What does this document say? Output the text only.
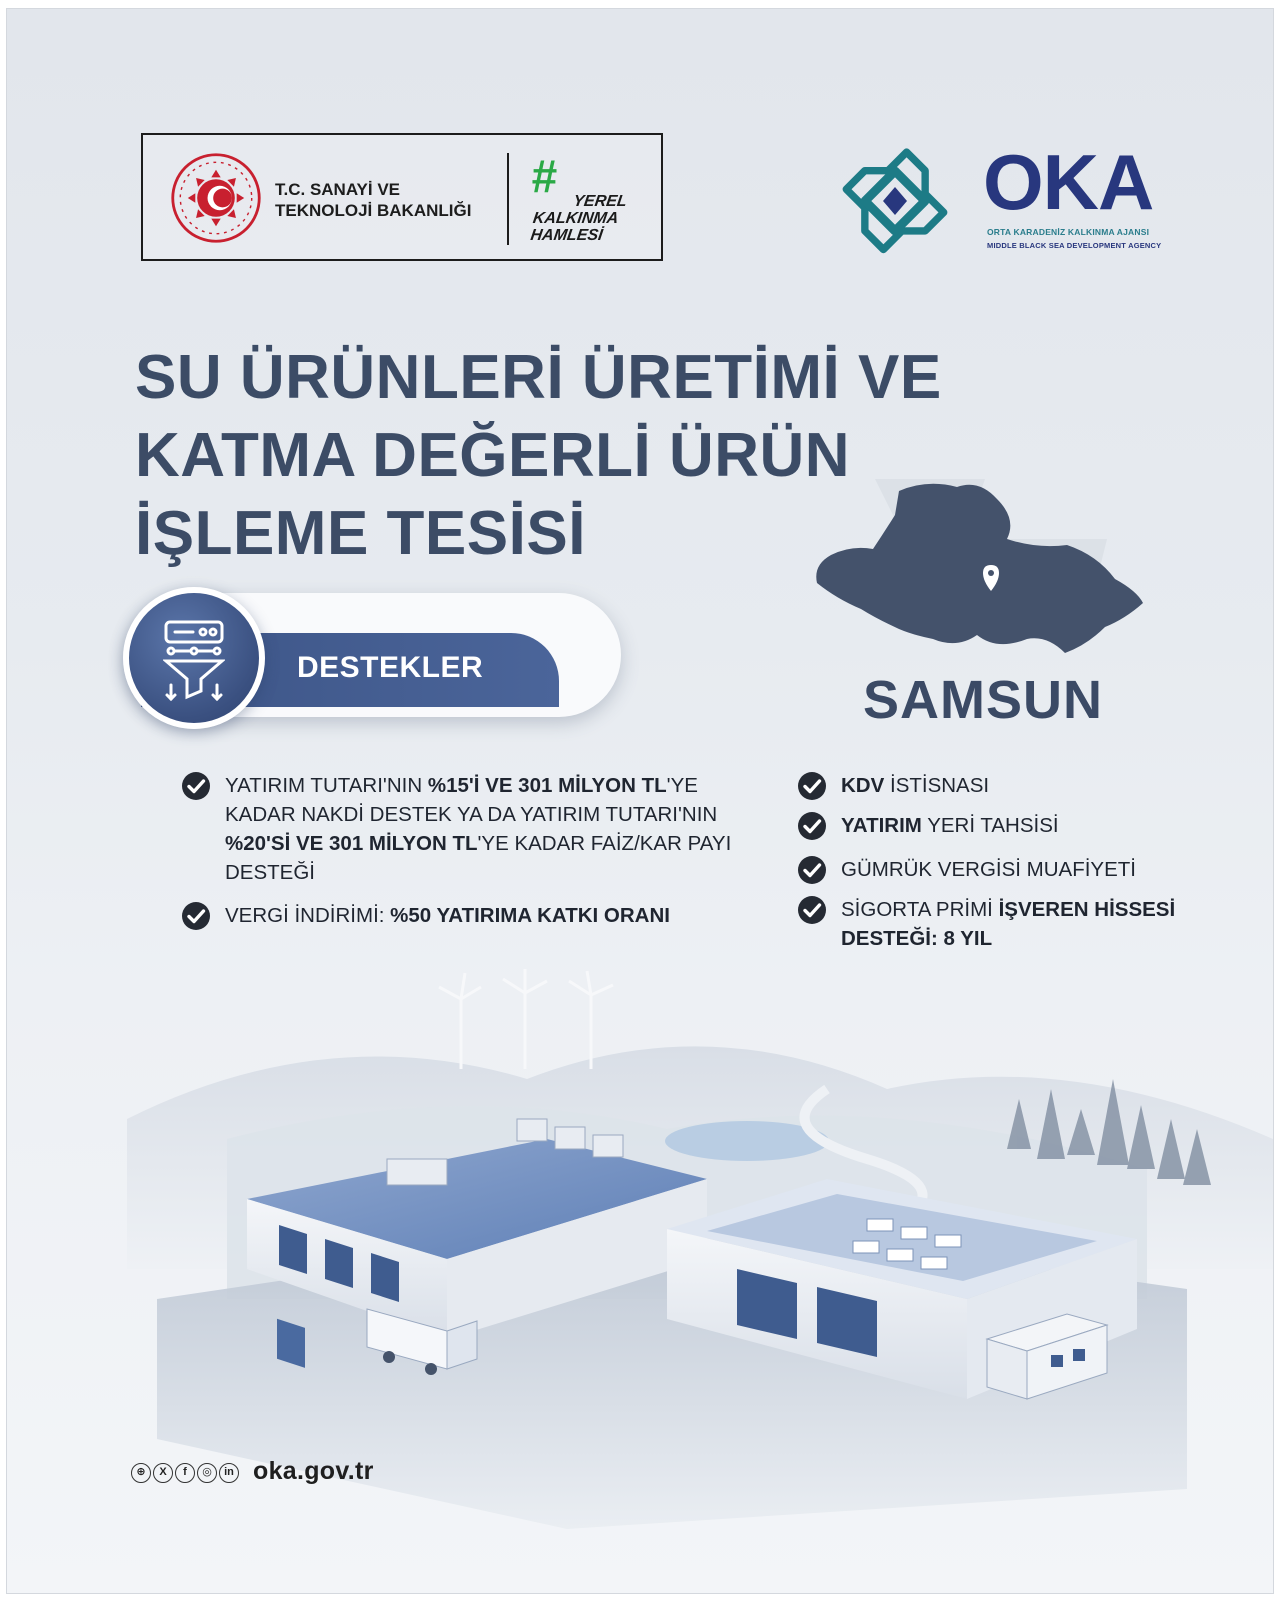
T.C. SANAYİ VE
TEKNOLOJİ BAKANLIĞI
# YEREL
KALKINMA
HAMLESİ
OKA
ORTA KARADENİZ KALKINMA AJANSI
MIDDLE BLACK SEA DEVELOPMENT AGENCY
SU ÜRÜNLERİ ÜRETİMİ VE
KATMA DEĞERLİ ÜRÜN
İŞLEME TESİSİ
SAMSUN
DESTEKLER
YATIRIM TUTARI'NIN %15'İ VE 301 MİLYON TL'YE
KADAR NAKDİ DESTEK YA DA YATIRIM TUTARI'NIN
%20'Sİ VE 301 MİLYON TL'YE KADAR FAİZ/KAR PAYI
DESTEĞİ
VERGİ İNDİRİMİ: %50 YATIRIMA KATKI ORANI
KDV İSTİSNASI
YATIRIM YERİ TAHSİSİ
GÜMRÜK VERGİSİ MUAFİYETİ
SİGORTA PRİMİ İŞVEREN HİSSESİ
DESTEĞİ: 8 YIL
⊕	X	f	◎	in oka.gov.tr
